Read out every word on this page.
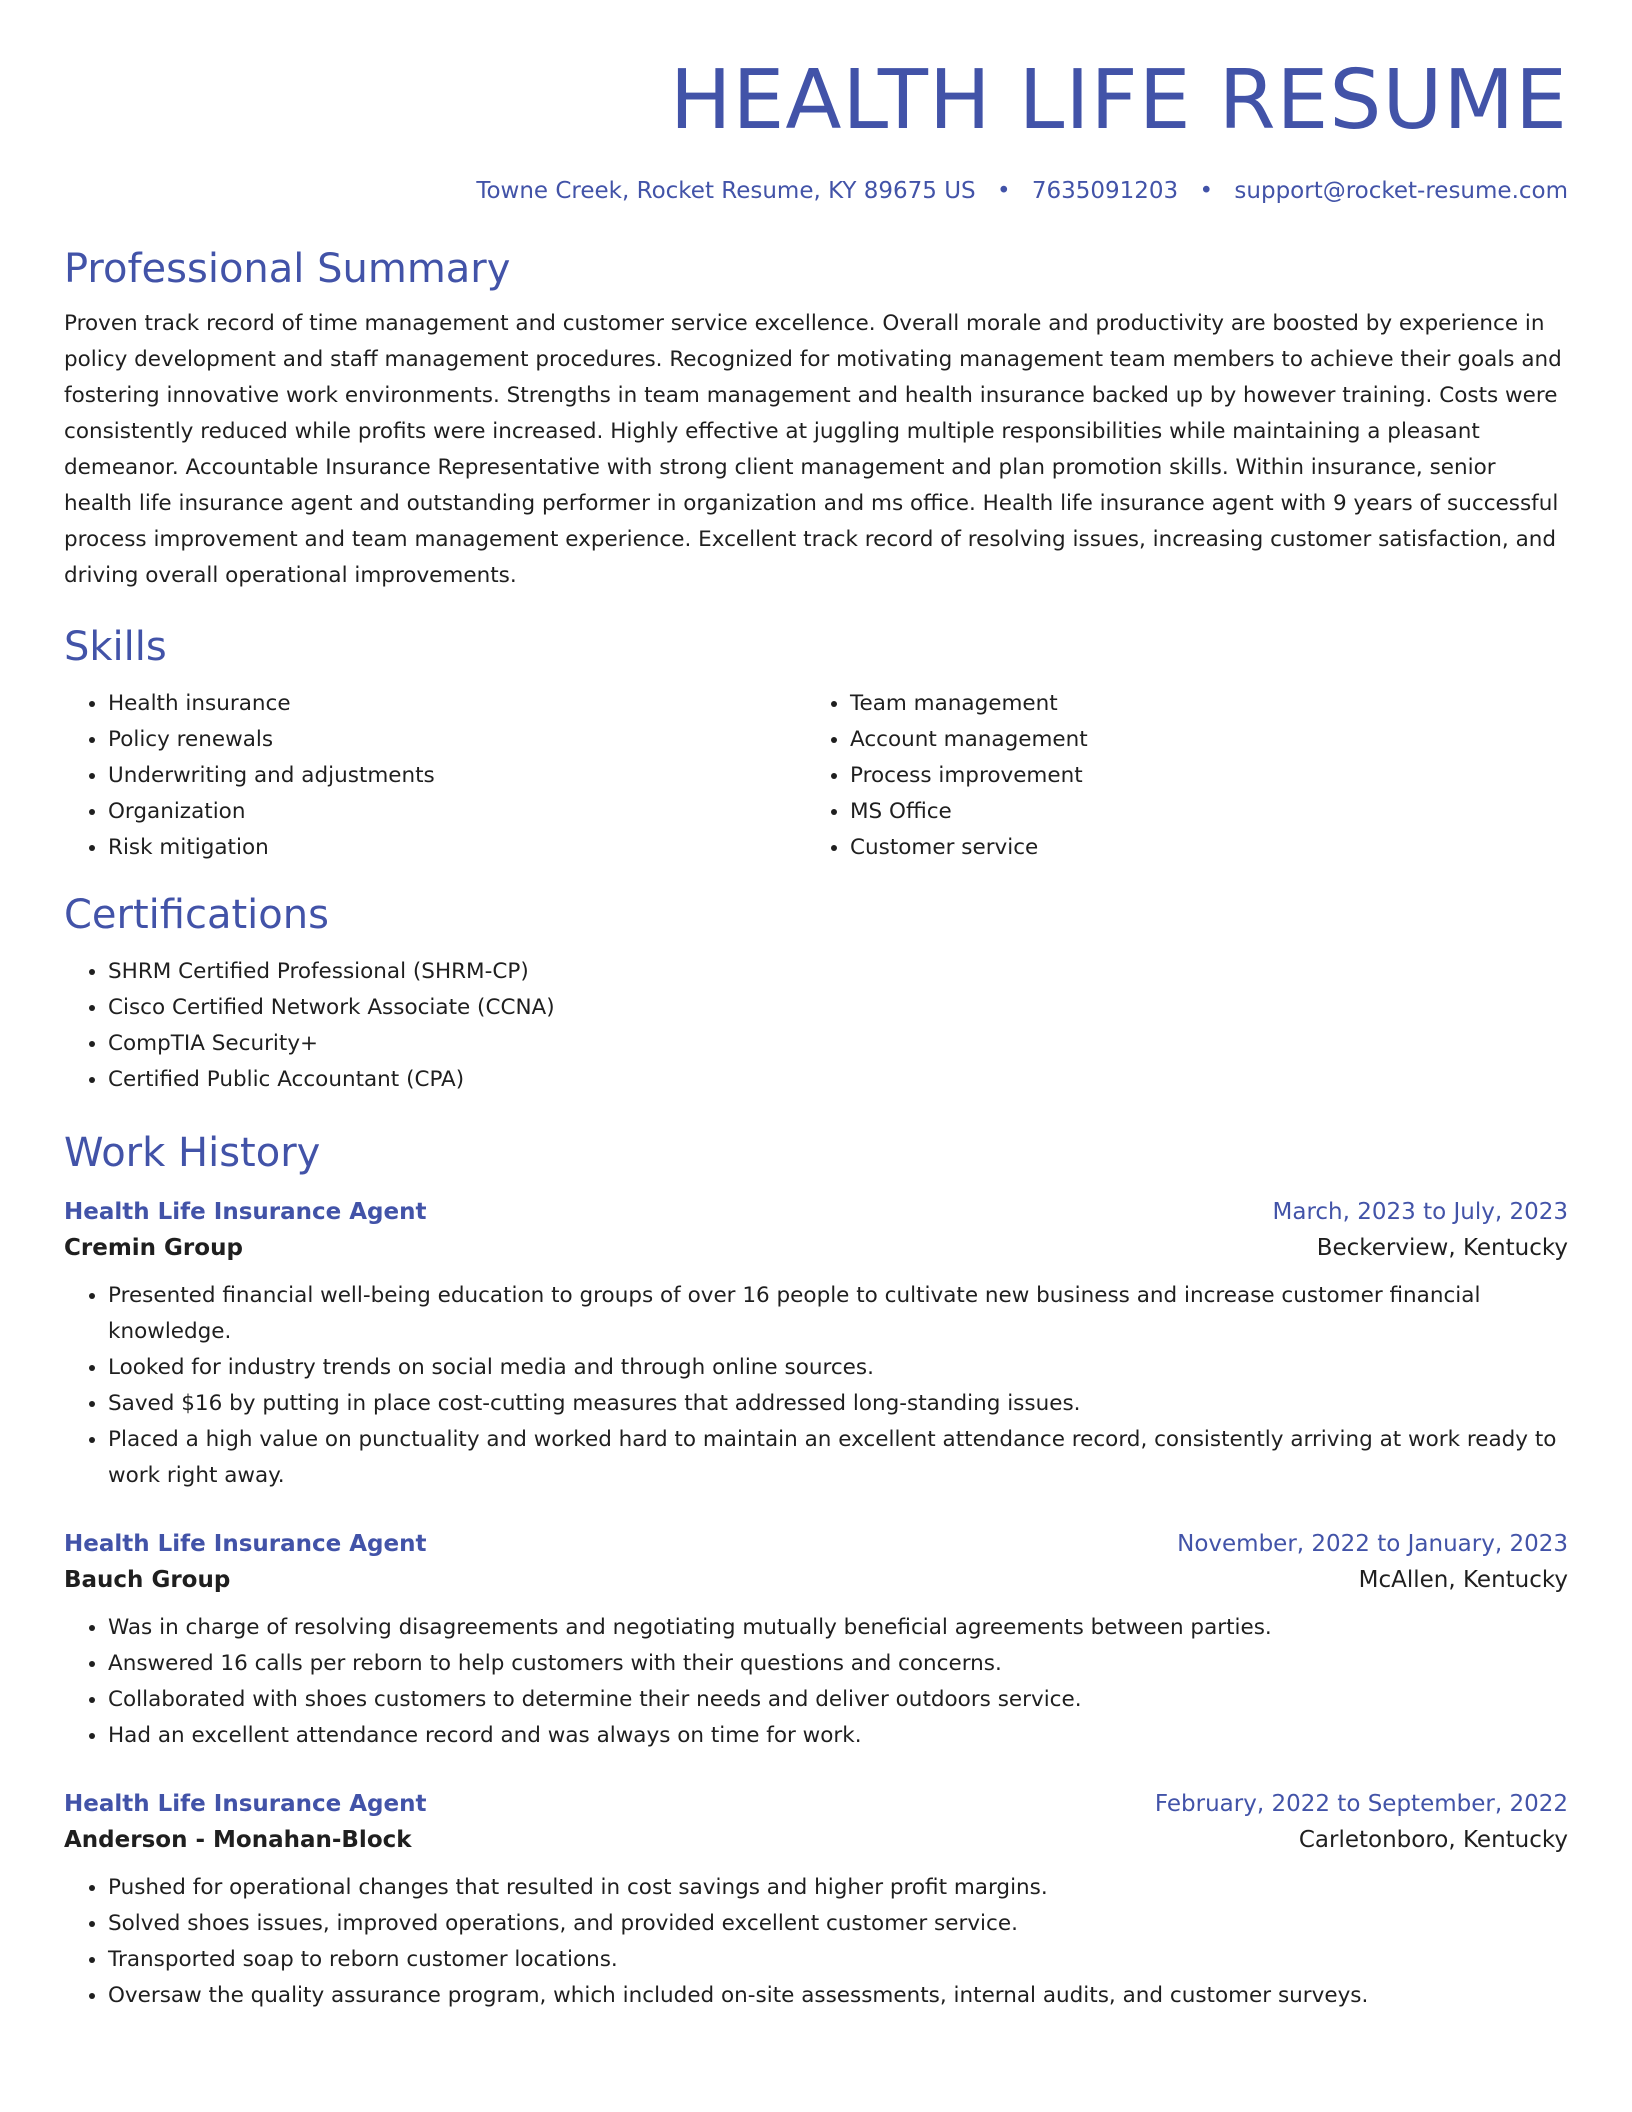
HEALTH LIFE RESUME
Towne Creek, Rocket Resume, KY 89675 US • 7635091203 • support@rocket-resume.com
Professional Summary
Proven track record of time management and customer service excellence. Overall morale and productivity are boosted by experience in policy development and staff management procedures. Recognized for motivating management team members to achieve their goals and fostering innovative work environments. Strengths in team management and health insurance backed up by however training. Costs were consistently reduced while profits were increased. Highly effective at juggling multiple responsibilities while maintaining a pleasant demeanor. Accountable Insurance Representative with strong client management and plan promotion skills. Within insurance, senior health life insurance agent and outstanding performer in organization and ms office. Health life insurance agent with 9 years of successful process improvement and team management experience. Excellent track record of resolving issues, increasing customer satisfaction, and driving overall operational improvements.
Skills
• Health insurance
• Policy renewals
• Underwriting and adjustments
• Organization
• Risk mitigation
• Team management
• Account management
• Process improvement
• MS Office
• Customer service
Certifications
• SHRM Certified Professional (SHRM-CP)
• Cisco Certified Network Associate (CCNA)
• CompTIA Security+
• Certified Public Accountant (CPA)
Work History
Health Life Insurance Agent	March, 2023 to July, 2023
Cremin Group	Beckerview, Kentucky
• Presented financial well-being education to groups of over 16 people to cultivate new business and increase customer financial knowledge.
• Looked for industry trends on social media and through online sources.
• Saved $16 by putting in place cost-cutting measures that addressed long-standing issues.
• Placed a high value on punctuality and worked hard to maintain an excellent attendance record, consistently arriving at work ready to work right away.
Health Life Insurance Agent	November, 2022 to January, 2023
Bauch Group	McAllen, Kentucky
• Was in charge of resolving disagreements and negotiating mutually beneficial agreements between parties.
• Answered 16 calls per reborn to help customers with their questions and concerns.
• Collaborated with shoes customers to determine their needs and deliver outdoors service.
• Had an excellent attendance record and was always on time for work.
Health Life Insurance Agent	February, 2022 to September, 2022
Anderson - Monahan-Block	Carletonboro, Kentucky
• Pushed for operational changes that resulted in cost savings and higher profit margins.
• Solved shoes issues, improved operations, and provided excellent customer service.
• Transported soap to reborn customer locations.
• Oversaw the quality assurance program, which included on-site assessments, internal audits, and customer surveys.
